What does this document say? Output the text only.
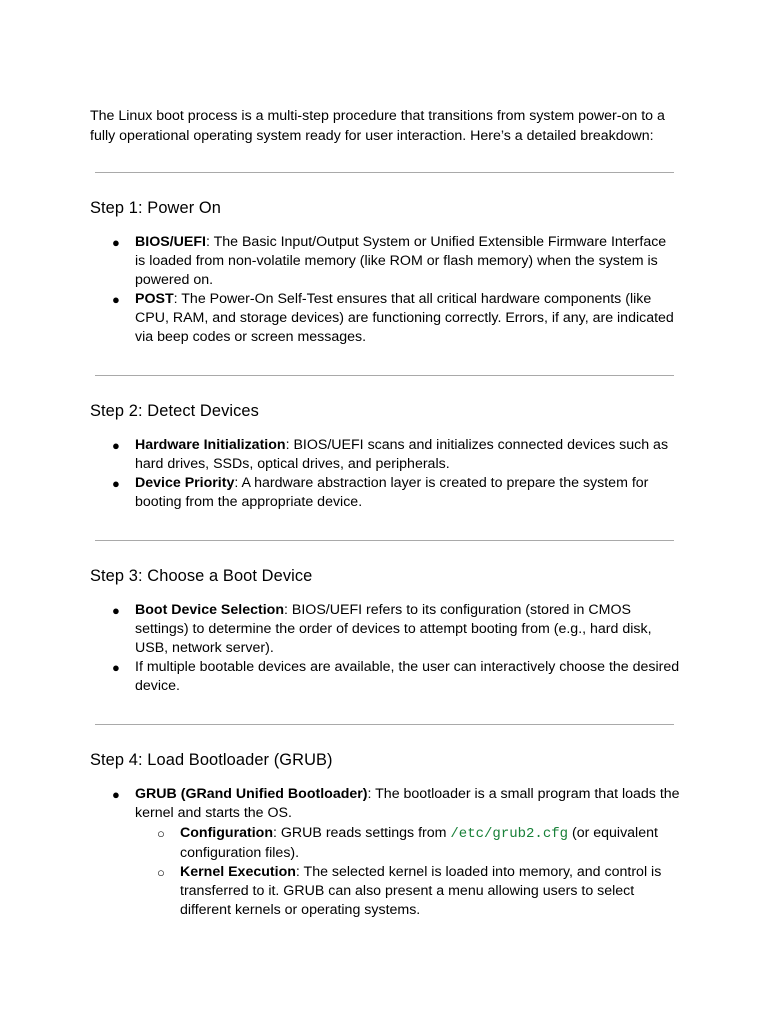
The Linux boot process is a multi-step procedure that transitions from system power-on to a fully operational operating system ready for user interaction. Here’s a detailed breakdown:

Step 1: Power On
● BIOS/UEFI: The Basic Input/Output System or Unified Extensible Firmware Interface is loaded from non-volatile memory (like ROM or flash memory) when the system is powered on.
● POST: The Power-On Self-Test ensures that all critical hardware components (like CPU, RAM, and storage devices) are functioning correctly. Errors, if any, are indicated via beep codes or screen messages.
Step 2: Detect Devices
● Hardware Initialization: BIOS/UEFI scans and initializes connected devices such as hard drives, SSDs, optical drives, and peripherals.
● Device Priority: A hardware abstraction layer is created to prepare the system for booting from the appropriate device.
Step 3: Choose a Boot Device
● Boot Device Selection: BIOS/UEFI refers to its configuration (stored in CMOS settings) to determine the order of devices to attempt booting from (e.g., hard disk, USB, network server).
● If multiple bootable devices are available, the user can interactively choose the desired device.
Step 4: Load Bootloader (GRUB)
● GRUB (GRand Unified Bootloader): The bootloader is a small program that loads the kernel and starts the OS.
○ Configuration: GRUB reads settings from /etc/grub2.cfg (or equivalent configuration files).
○ Kernel Execution: The selected kernel is loaded into memory, and control is transferred to it. GRUB can also present a menu allowing users to select different kernels or operating systems.
